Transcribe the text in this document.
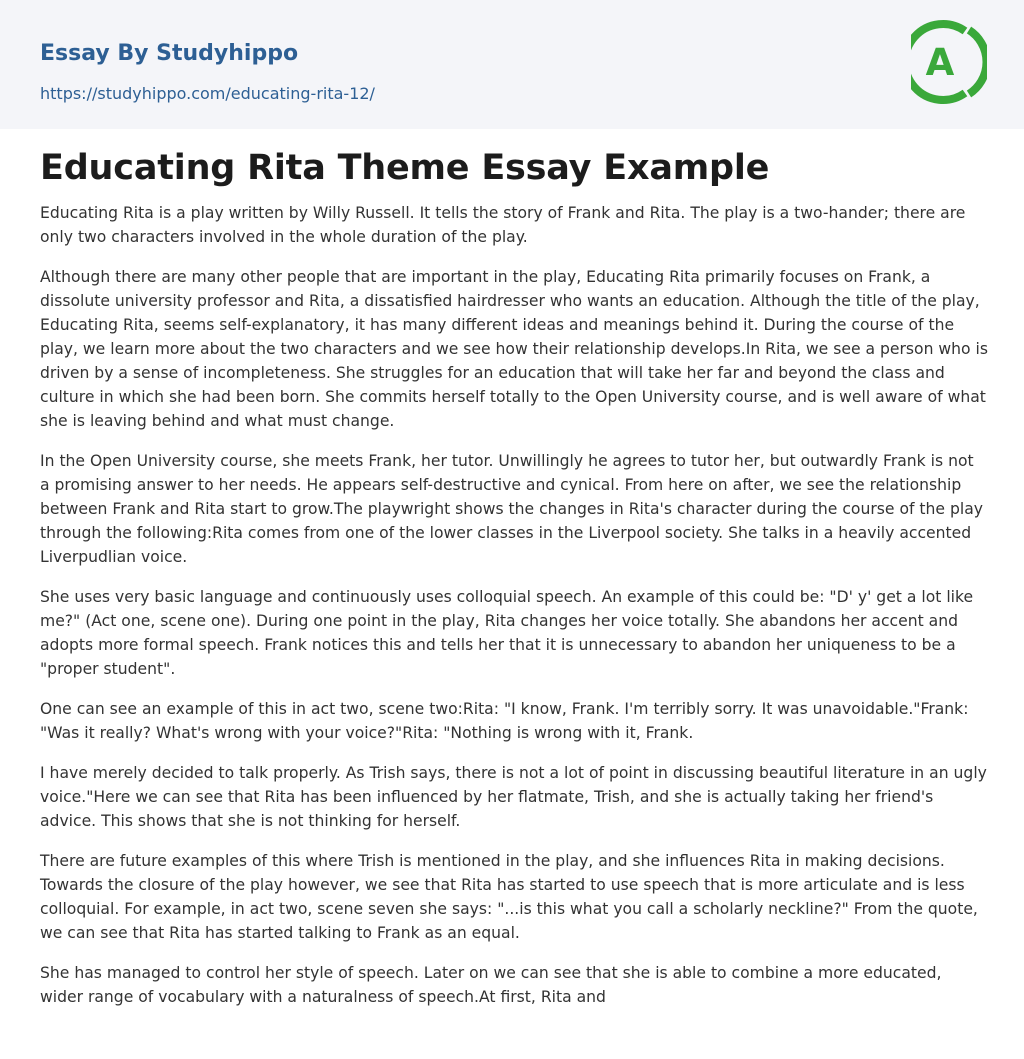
Essay By Studyhippo
https://studyhippo.com/educating-rita-12/
A
Educating Rita Theme Essay Example

Educating Rita is a play written by Willy Russell. It tells the story of Frank and Rita. The play is a two-hander; there are only two characters involved in the whole duration of the play.

Although there are many other people that are important in the play, Educating Rita primarily focuses on Frank, a dissolute university professor and Rita, a dissatisfied hairdresser who wants an education. Although the title of the play, Educating Rita, seems self-explanatory, it has many different ideas and meanings behind it. During the course of the play, we learn more about the two characters and we see how their relationship develops.In Rita, we see a person who is driven by a sense of incompleteness. She struggles for an education that will take her far and beyond the class and culture in which she had been born. She commits herself totally to the Open University course, and is well aware of what she is leaving behind and what must change.

In the Open University course, she meets Frank, her tutor. Unwillingly he agrees to tutor her, but outwardly Frank is not a promising answer to her needs. He appears self-destructive and cynical. From here on after, we see the relationship between Frank and Rita start to grow.The playwright shows the changes in Rita's character during the course of the play through the following:Rita comes from one of the lower classes in the Liverpool society. She talks in a heavily accented Liverpudlian voice.

She uses very basic language and continuously uses colloquial speech. An example of this could be: "D' y' get a lot like me?" (Act one, scene one). During one point in the play, Rita changes her voice totally. She abandons her accent and adopts more formal speech. Frank notices this and tells her that it is unnecessary to abandon her uniqueness to be a "proper student".

One can see an example of this in act two, scene two:Rita: "I know, Frank. I'm terribly sorry. It was unavoidable."Frank: "Was it really? What's wrong with your voice?"Rita: "Nothing is wrong with it, Frank.

I have merely decided to talk properly. As Trish says, there is not a lot of point in discussing beautiful literature in an ugly voice."Here we can see that Rita has been influenced by her flatmate, Trish, and she is actually taking her friend's advice. This shows that she is not thinking for herself.

There are future examples of this where Trish is mentioned in the play, and she influences Rita in making decisions. Towards the closure of the play however, we see that Rita has started to use speech that is more articulate and is less colloquial. For example, in act two, scene seven she says: "...is this what you call a scholarly neckline?" From the quote, we can see that Rita has started talking to Frank as an equal.

She has managed to control her style of speech. Later on we can see that she is able to combine a more educated, wider range of vocabulary with a naturalness of speech.At first, Rita and
